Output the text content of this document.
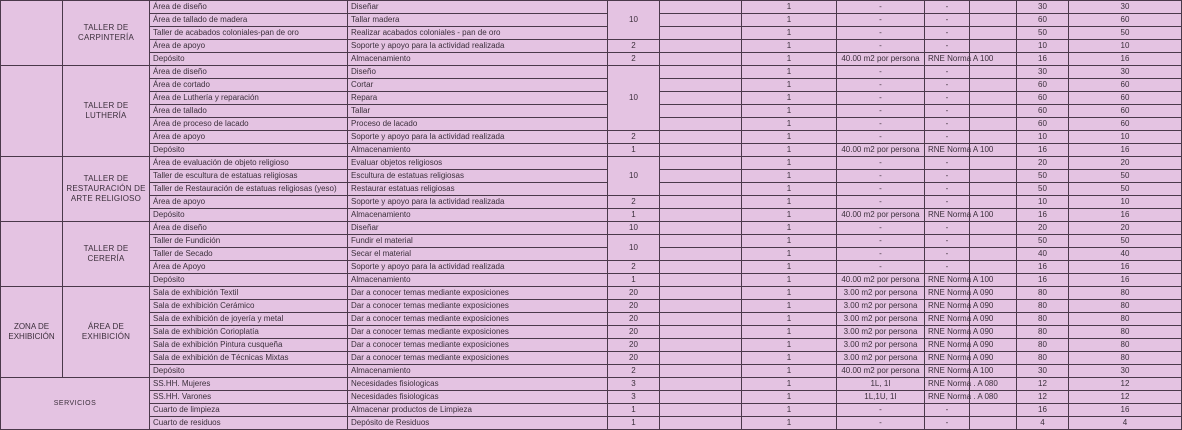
	TALLER DE CARPINTERÍA	Área de diseño	Diseñar	10		1	-	-		30	30	
		Área de tallado de madera	Tallar madera			1	-	-		60	60	
		Taller de acabados coloniales-pan de oro	Realizar acabados coloniales - pan de oro			1	-	-		50	50	
		Área de apoyo	Soporte y apoyo para la actividad realizada	2		1	-	-		10	10	
		Depósito	Almacenamiento	2		1	40.00 m2 por persona	RNE Norma A 100		16	16	
	TALLER DE LUTHERÍA	Área de diseño	Diseño	10		1	-	-		30	30	
		Área de cortado	Cortar			1	-	-		60	60	
		Área de Luthería y reparación	Repara			1	-	-		60	60	
		Área de tallado	Tallar			1	-	-		60	60	
		Área de proceso de lacado	Proceso de lacado			1	-	-		60	60	
		Área de apoyo	Soporte y apoyo para la actividad realizada	2		1	-	-		10	10	
		Depósito	Almacenamiento	1		1	40.00 m2 por persona	RNE Norma A 100		16	16	
	TALLER DE RESTAURACIÓN DE ARTE RELIGIOSO	Área de evaluación de objeto religioso	Evaluar objetos religiosos	10		1	-	-		20	20	
		Taller de escultura de estatuas religiosas	Escultura de estatuas religiosas			1	-	-		50	50	
		Taller de Restauración de estatuas religiosas (yeso)	Restaurar estatuas religiosas			1	-	-		50	50	
		Área de apoyo	Soporte y apoyo para la actividad realizada	2		1	-	-		10	10	
		Depósito	Almacenamiento	1		1	40.00 m2 por persona	RNE Norma A 100		16	16	
	TALLER DE CERERÍA	Área de diseño	Diseñar	10		1	-	-		20	20	
		Taller de Fundición	Fundir el material	10		1	-	-		50	50	
		Taller de Secado	Secar el material			1	-	-		40	40	
		Área de Apoyo	Soporte y apoyo para la actividad realizada	2		1	-	-		16	16	
		Depósito	Almacenamiento	1		1	40.00 m2 por persona	RNE Norma A 100		16	16	
ZONA DE EXHIBICIÓN	ÁREA DE EXHIBICIÓN	Sala de exhibición Textil	Dar a conocer temas mediante exposiciones	20		1	3.00 m2 por persona	RNE Norma A 090		80	80	
		Sala de exhibición Cerámico	Dar a conocer temas mediante exposiciones	20		1	3.00 m2 por persona	RNE Norma A 090		80	80	
		Sala de exhibición de joyería y metal	Dar a conocer temas mediante exposiciones	20		1	3.00 m2 por persona	RNE Norma A 090		80	80	
		Sala de exhibición Corioplatía	Dar a conocer temas mediante exposiciones	20		1	3.00 m2 por persona	RNE Norma A 090		80	80	
		Sala de exhibición Pintura cusqueña	Dar a conocer temas mediante exposiciones	20		1	3.00 m2 por persona	RNE Norma A 090		80	80	
		Sala de exhibición de Técnicas Mixtas	Dar a conocer temas mediante exposiciones	20		1	3.00 m2 por persona	RNE Norma A 090		80	80	
		Depósito	Almacenamiento	2		1	40.00 m2 por persona	RNE Norma A 100		30	30	
SERVICIOS		SS.HH. Mujeres	Necesidades fisiologicas	3		1	1L, 1I	RNE Norma . A 080		12	12	
		SS.HH. Varones	Necesidades fisiologicas	3		1	1L,1U, 1I	RNE Norma . A 080		12	12	
		Cuarto de limpieza	Almacenar productos de Limpieza	1		1	-	-		16	16	
		Cuarto de residuos	Depósito de Residuos	1		1	-	-		4	4	
